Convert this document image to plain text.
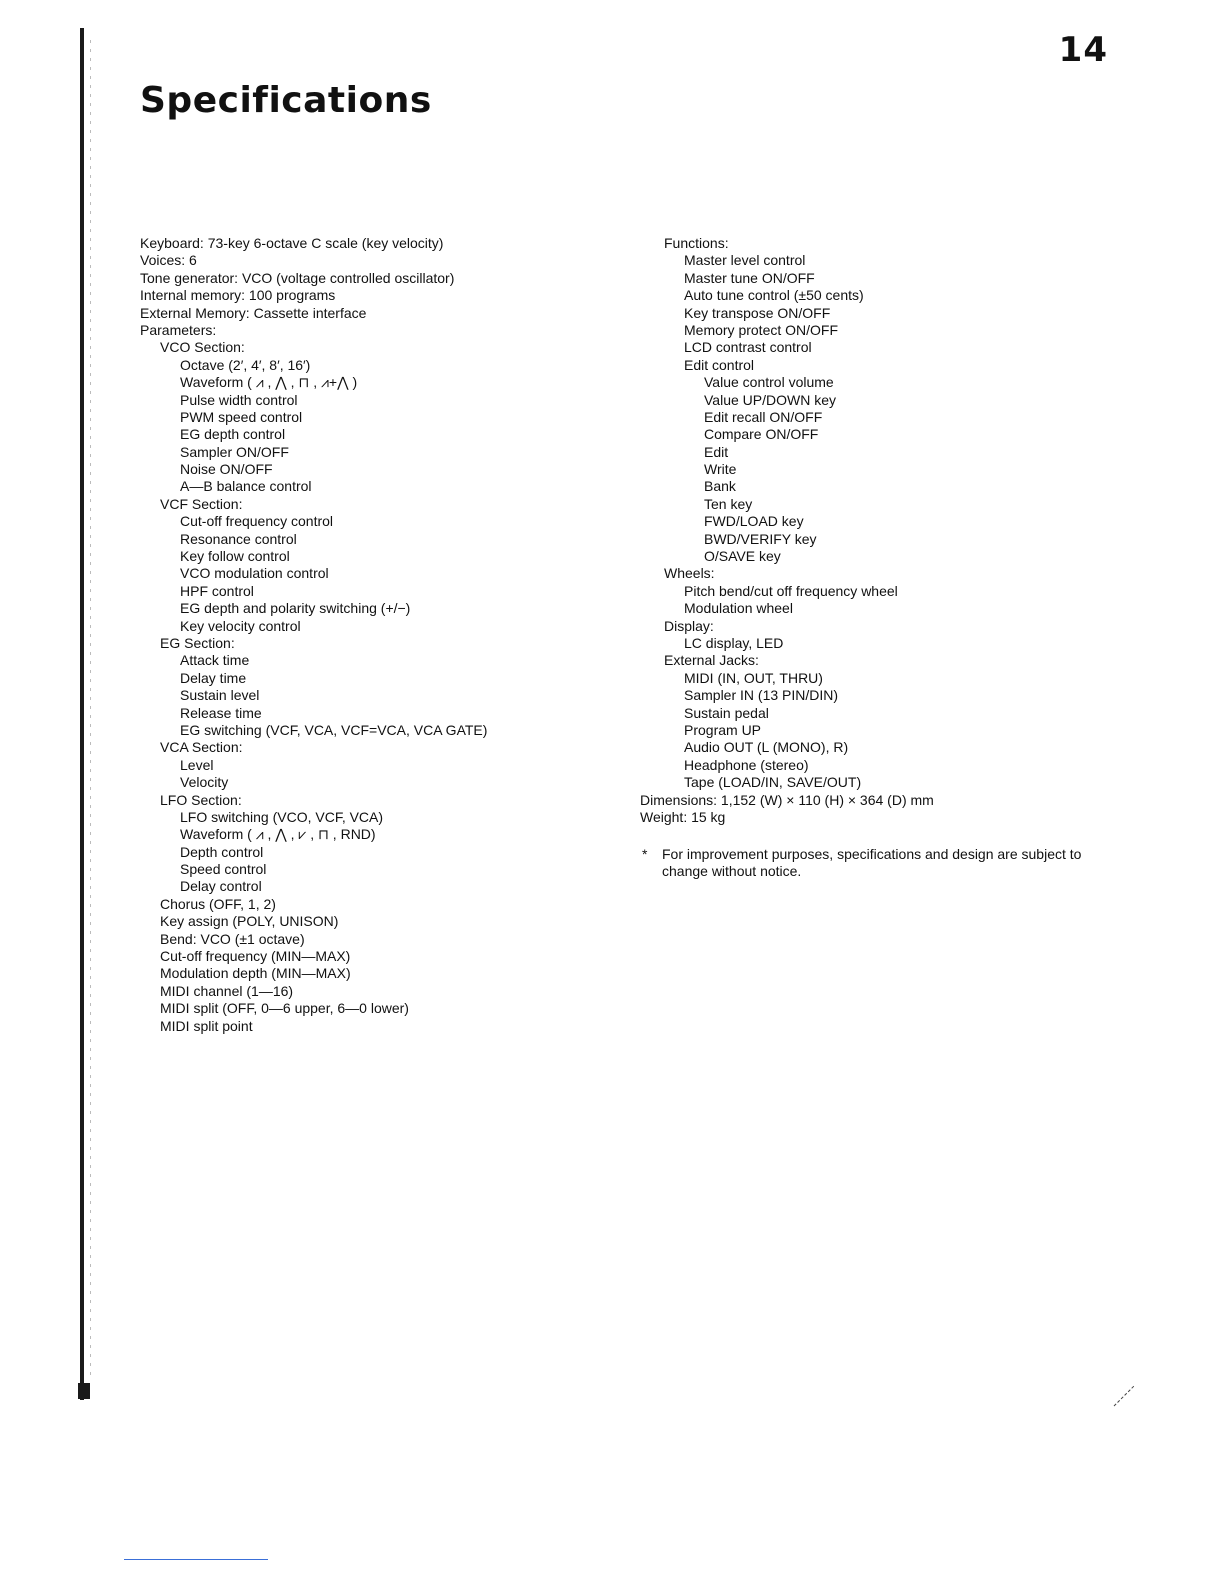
14
Specifications
Keyboard: 73-key 6-octave C scale (key velocity)
Voices: 6
Tone generator: VCO (voltage controlled oscillator)
Internal memory: 100 programs
External Memory: Cassette interface
Parameters:
VCO Section:
Octave (2′, 4′, 8′, 16′)
Waveform ( ⩘ , ⋀ , ⊓ , ⩘+⋀ )
Pulse width control
PWM speed control
EG depth control
Sampler ON/OFF
Noise ON/OFF
A—B balance control
VCF Section:
Cut-off frequency control
Resonance control
Key follow control
VCO modulation control
HPF control
EG depth and polarity switching (+/−)
Key velocity control
EG Section:
Attack time
Delay time
Sustain level
Release time
EG switching (VCF, VCA, VCF=VCA, VCA GATE)
VCA Section:
Level
Velocity
LFO Section:
LFO switching (VCO, VCF, VCA)
Waveform ( ⩘ , ⋀ , ⩗ , ⊓ , RND)
Depth control
Speed control
Delay control
Chorus (OFF, 1, 2)
Key assign (POLY, UNISON)
Bend: VCO (±1 octave)
Cut-off frequency (MIN—MAX)
Modulation depth (MIN—MAX)
MIDI channel (1—16)
MIDI split (OFF, 0—6 upper, 6—0 lower)
MIDI split point
Functions:
Master level control
Master tune ON/OFF
Auto tune control (±50 cents)
Key transpose ON/OFF
Memory protect ON/OFF
LCD contrast control
Edit control
Value control volume
Value UP/DOWN key
Edit recall ON/OFF
Compare ON/OFF
Edit
Write
Bank
Ten key
FWD/LOAD key
BWD/VERIFY key
O/SAVE key
Wheels:
Pitch bend/cut off frequency wheel
Modulation wheel
Display:
LC display, LED
External Jacks:
MIDI (IN, OUT, THRU)
Sampler IN (13 PIN/DIN)
Sustain pedal
Program UP
Audio OUT (L (MONO), R)
Headphone (stereo)
Tape (LOAD/IN, SAVE/OUT)
Dimensions: 1,152 (W) × 110 (H) × 364 (D) mm
Weight: 15 kg
*	For improvement purposes, specifications and design are subject to change without notice.
